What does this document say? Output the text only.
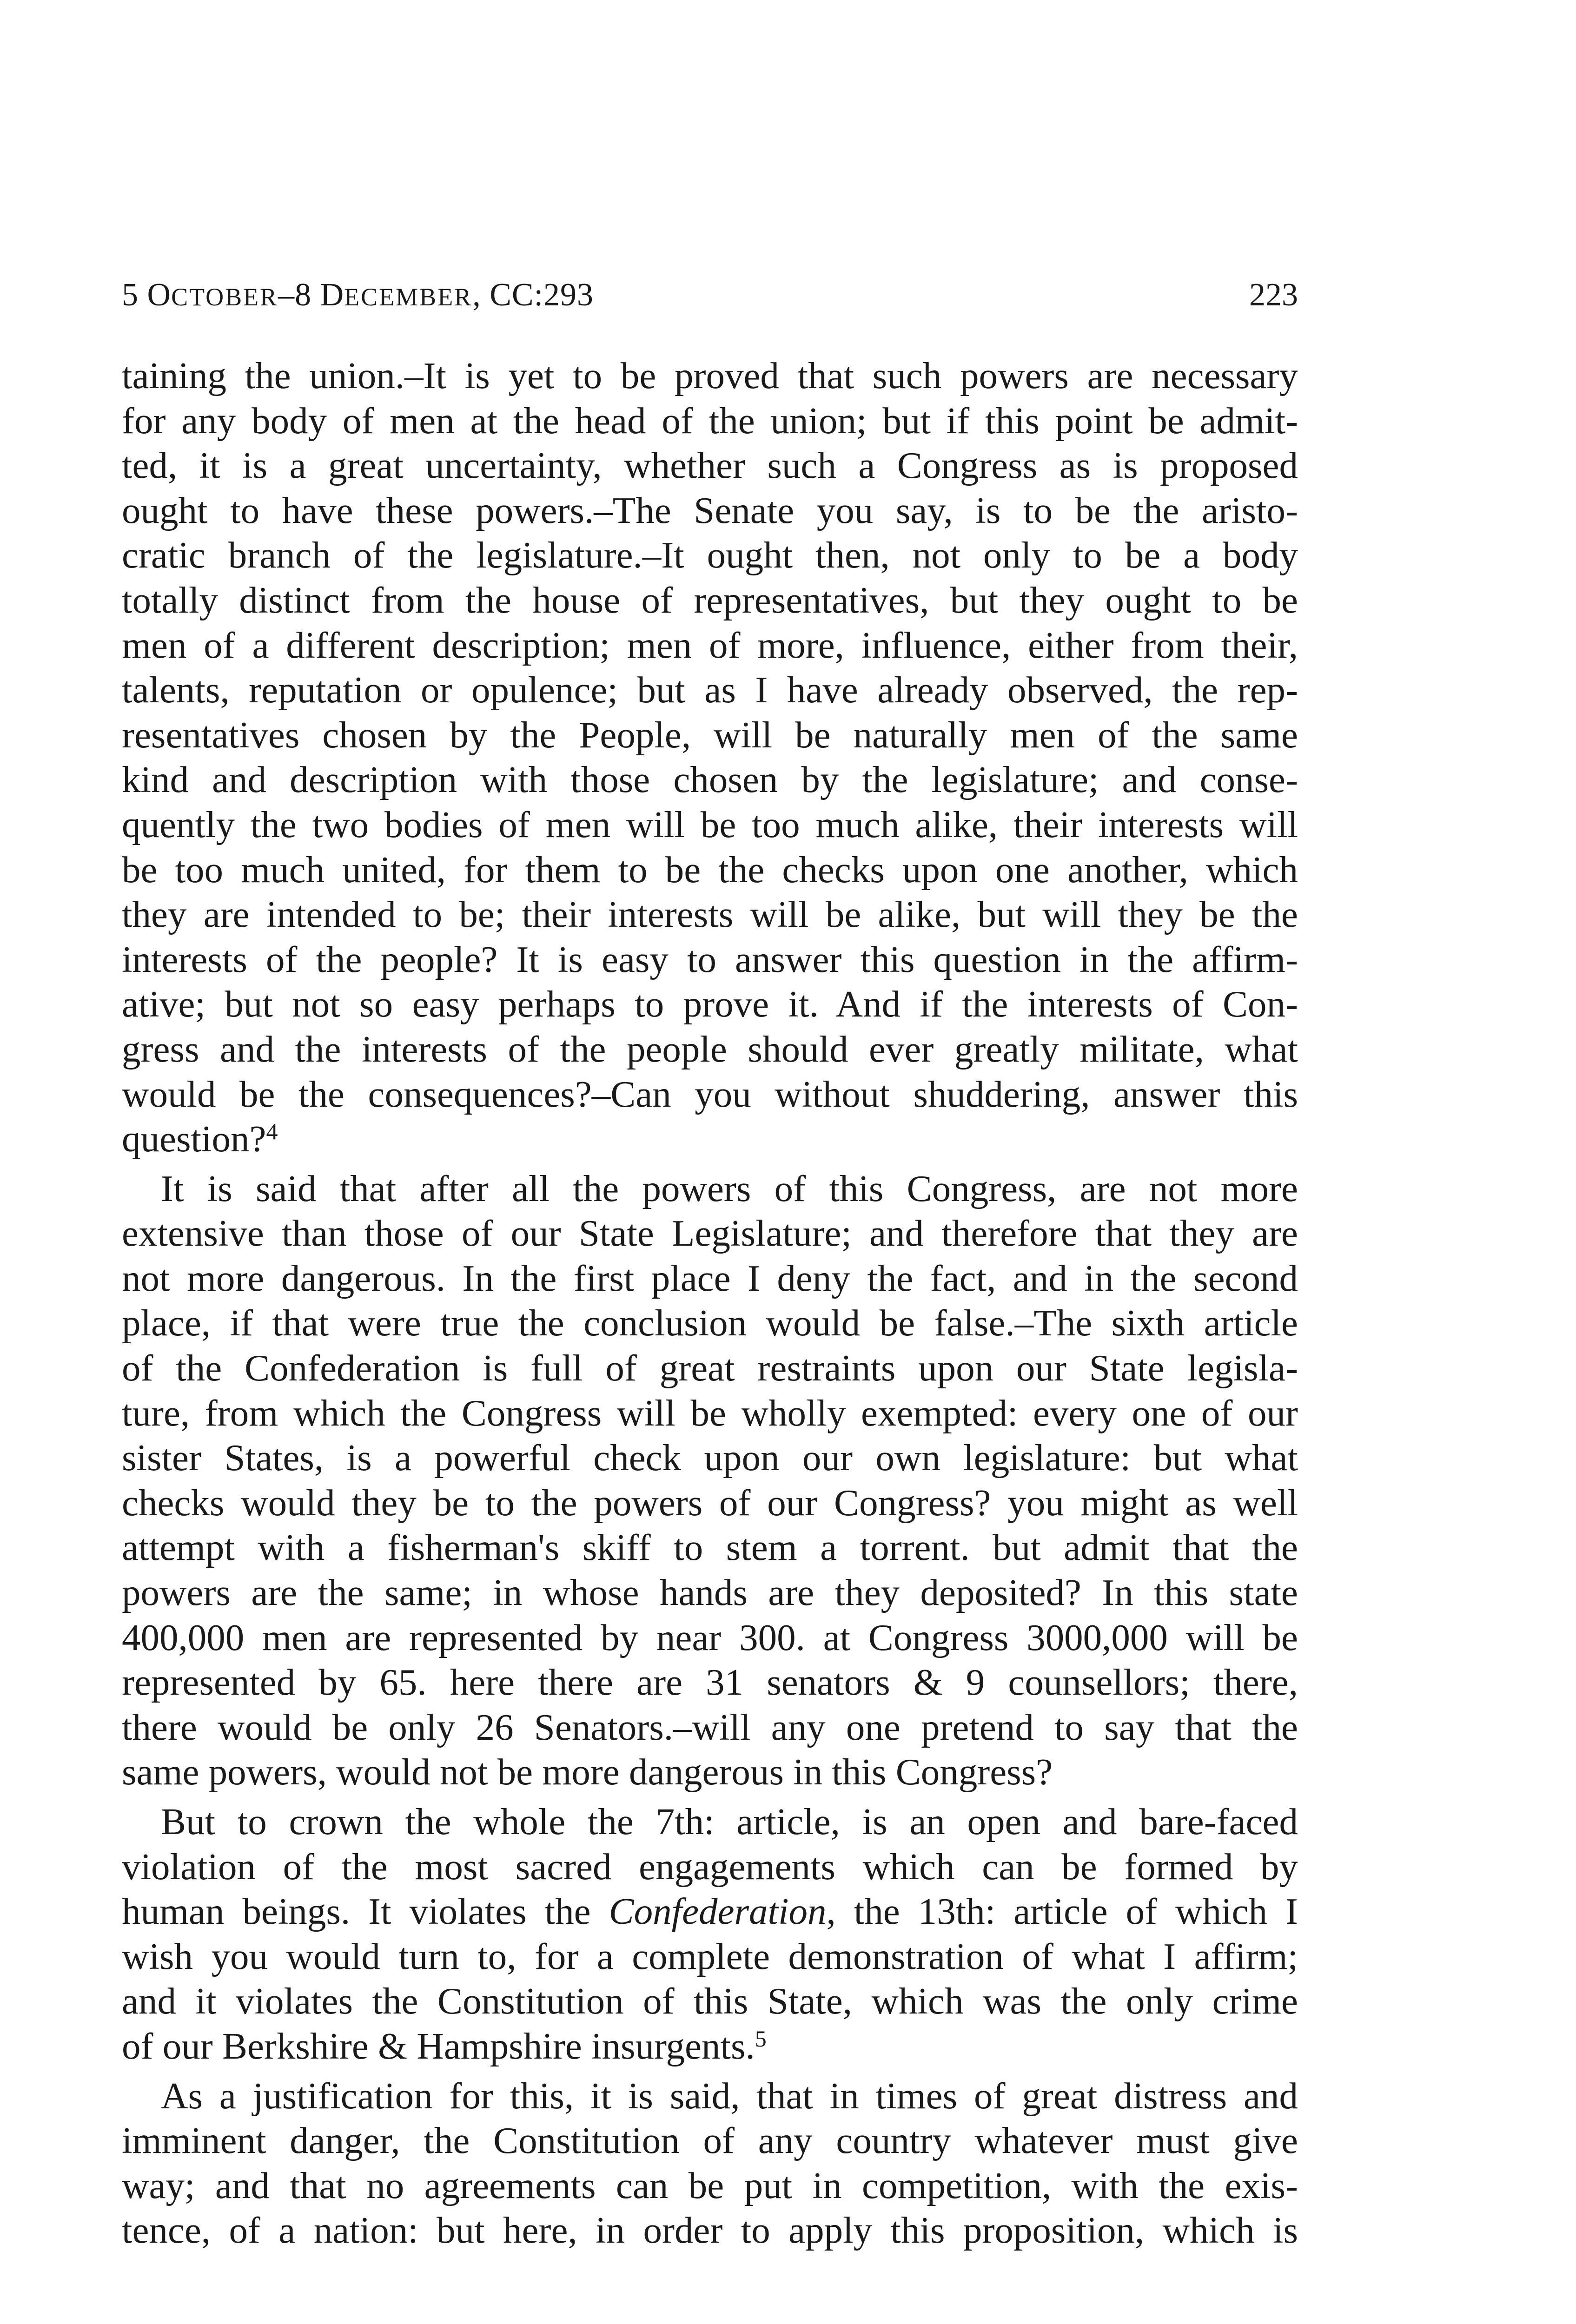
5 OCTOBER–8 DECEMBER, CC:293	223
taining the union.–It is yet to be proved that such powers are necessary
for any body of men at the head of the union; but if this point be admit-
ted, it is a great uncertainty, whether such a Congress as is proposed
ought to have these powers.–The Senate you say, is to be the aristo-
cratic branch of the legislature.–It ought then, not only to be a body
totally distinct from the house of representatives, but they ought to be
men of a different description; men of more, influence, either from their,
talents, reputation or opulence; but as I have already observed, the rep-
resentatives chosen by the People, will be naturally men of the same
kind and description with those chosen by the legislature; and conse-
quently the two bodies of men will be too much alike, their interests will
be too much united, for them to be the checks upon one another, which
they are intended to be; their interests will be alike, but will they be the
interests of the people? It is easy to answer this question in the affirm-
ative; but not so easy perhaps to prove it. And if the interests of Con-
gress and the interests of the people should ever greatly militate, what
would be the consequences?–Can you without shuddering, answer this
question?$^4$
It is said that after all the powers of this Congress, are not more
extensive than those of our State Legislature; and therefore that they are
not more dangerous. In the first place I deny the fact, and in the second
place, if that were true the conclusion would be false.–The sixth article
of the Confederation is full of great restraints upon our State legisla-
ture, from which the Congress will be wholly exempted: every one of our
sister States, is a powerful check upon our own legislature: but what
checks would they be to the powers of our Congress? you might as well
attempt with a fisherman's skiff to stem a torrent. but admit that the
powers are the same; in whose hands are they deposited? In this state
400,000 men are represented by near 300. at Congress 3000,000 will be
represented by 65. here there are 31 senators & 9 counsellors; there,
there would be only 26 Senators.–will any one pretend to say that the
same powers, would not be more dangerous in this Congress?
But to crown the whole the 7th: article, is an open and bare-faced
violation of the most sacred engagements which can be formed by
human beings. It violates the Confederation, the 13th: article of which I
wish you would turn to, for a complete demonstration of what I affirm;
and it violates the Constitution of this State, which was the only crime
of our Berkshire & Hampshire insurgents.$^5$
As a justification for this, it is said, that in times of great distress and
imminent danger, the Constitution of any country whatever must give
way; and that no agreements can be put in competition, with the exis-
tence, of a nation: but here, in order to apply this proposition, which is
